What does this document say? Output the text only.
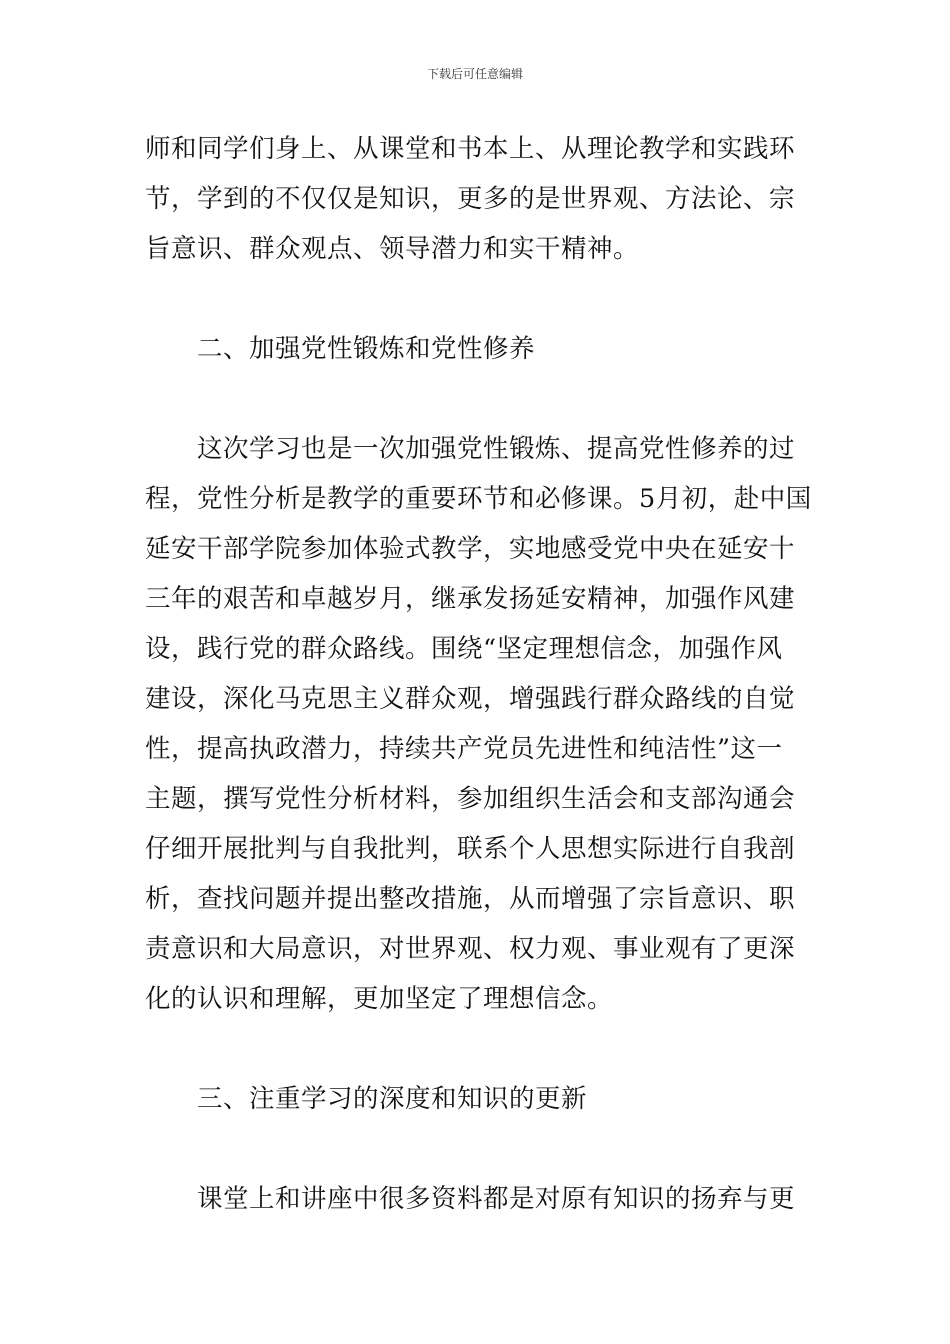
下载后可任意编辑
师和同学们身上、从课堂和书本上、从理论教学和实践环
节，学到的不仅仅是知识，更多的是世界观、方法论、宗
旨意识、群众观点、领导潜力和实干精神。
二、加强党性锻炼和党性修养
这次学习也是一次加强党性锻炼、提高党性修养的过
程，党性分析是教学的重要环节和必修课。5月初，赴中国
延安干部学院参加体验式教学，实地感受党中央在延安十
三年的艰苦和卓越岁月，继承发扬延安精神，加强作风建
设，践行党的群众路线。围绕“坚定理想信念，加强作风
建设，深化马克思主义群众观，增强践行群众路线的自觉
性，提高执政潜力，持续共产党员先进性和纯洁性”这一
主题，撰写党性分析材料，参加组织生活会和支部沟通会
仔细开展批判与自我批判，联系个人思想实际进行自我剖
析，查找问题并提出整改措施，从而增强了宗旨意识、职
责意识和大局意识，对世界观、权力观、事业观有了更深
化的认识和理解，更加坚定了理想信念。
三、注重学习的深度和知识的更新
课堂上和讲座中很多资料都是对原有知识的扬弃与更
